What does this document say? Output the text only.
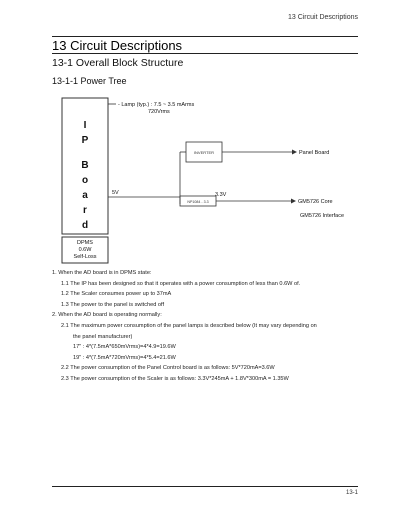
13 Circuit Descriptions
13 Circuit Descriptions
13-1 Overall Block Structure
13-1-1 Power Tree
I
P
B
o
a
r
d
DPMS
0.6W
Self-Loss
- Lamp (typ.) : 7.5 ~ 3.5 mArms
720Vrms
INVERTER
5V
Panel Board
NP1084 - 3.3
3.3V
GM5726 Core
GM5726 Interface
1. When the AD board is in DPMS state:
1.1 The IP has been designed so that it operates with a power consumption of less than 0.6W of.
1.2 The Scaler consumes power up to 37mA
1.3 The power to the panel is switched off
2. When the AD board is operating normally:
2.1 The maximum power consumption of the panel lamps is described below (It may vary depending on
the panel manufacturer)
17" : 4*(7.5mA*650mVrms)=4*4.9=19.6W
19" : 4*(7.5mA*720mVrms)=4*5.4=21.6W
2.2 The power consumption of the Panel Control board is as follows: 5V*720mA=3.6W
2.3 The power consumption of the Scaler is as follows: 3.3V*245mA + 1.8V*300mA = 1.35W
13-1
